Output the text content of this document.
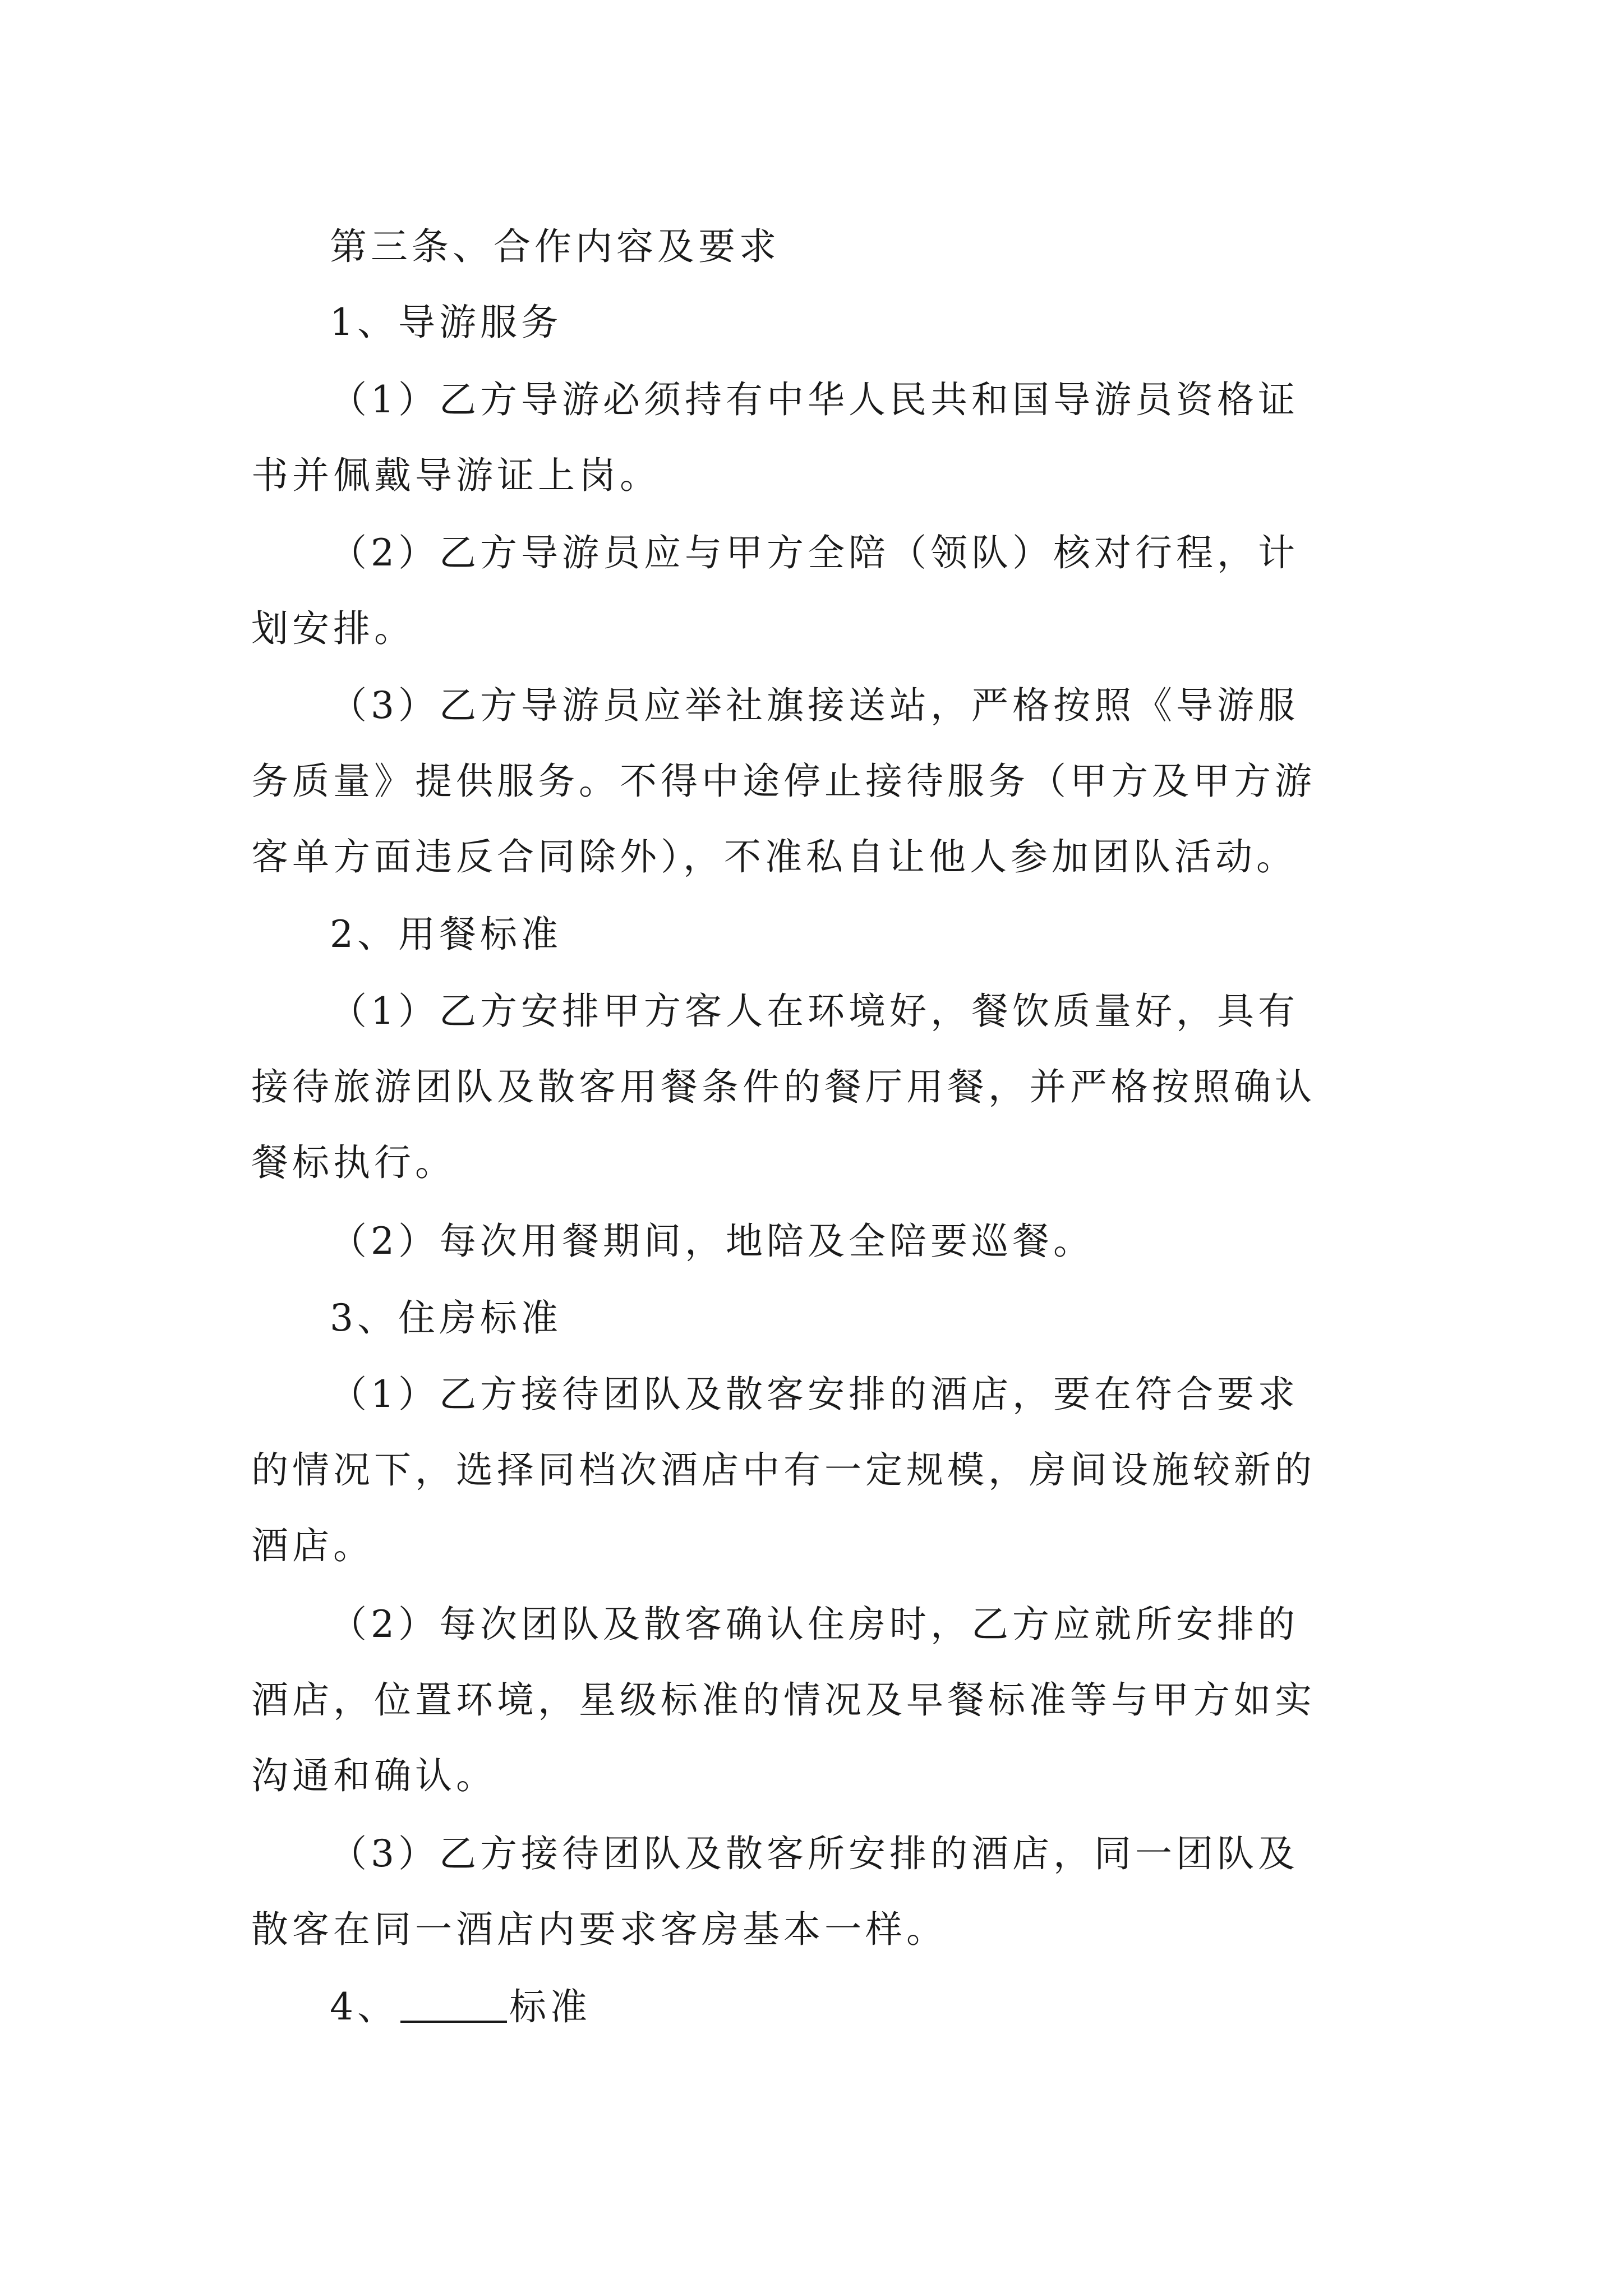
第三条、合作内容及要求
1、导游服务
（1）乙方导游必须持有中华人民共和国导游员资格证
书并佩戴导游证上岗。
（2）乙方导游员应与甲方全陪（领队）核对行程，计
划安排。
（3）乙方导游员应举社旗接送站，严格按照《导游服
务质量》提供服务。不得中途停止接待服务（甲方及甲方游
客单方面违反合同除外），不准私自让他人参加团队活动。
2、用餐标准
（1）乙方安排甲方客人在环境好，餐饮质量好，具有
接待旅游团队及散客用餐条件的餐厅用餐，并严格按照确认
餐标执行。
（2）每次用餐期间，地陪及全陪要巡餐。
3、住房标准
（1）乙方接待团队及散客安排的酒店，要在符合要求
的情况下，选择同档次酒店中有一定规模，房间设施较新的
酒店。
（2）每次团队及散客确认住房时，乙方应就所安排的
酒店，位置环境，星级标准的情况及早餐标准等与甲方如实
沟通和确认。
（3）乙方接待团队及散客所安排的酒店，同一团队及
散客在同一酒店内要求客房基本一样。
4、	标准
